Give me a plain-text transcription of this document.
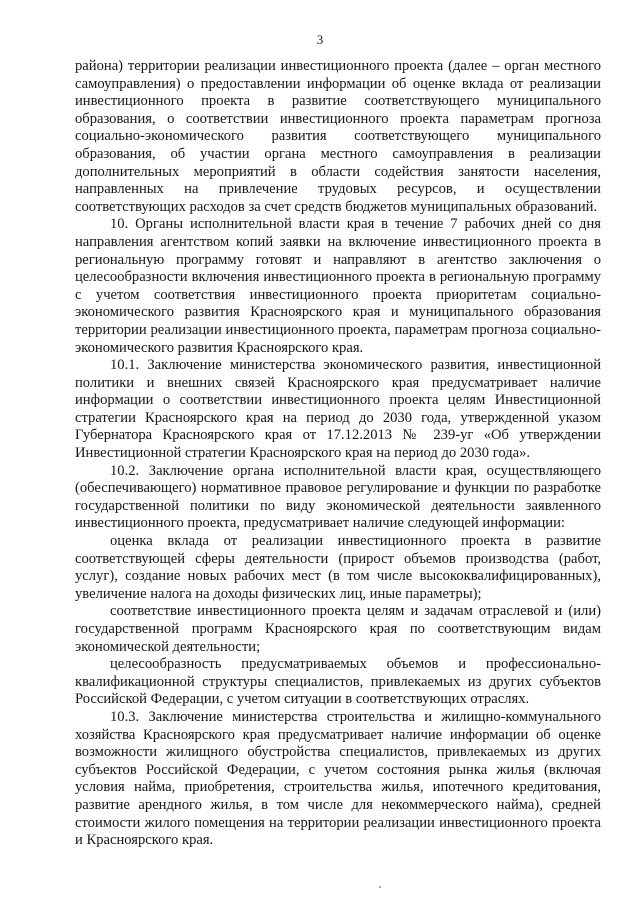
3

района) территории реализации инвестиционного проекта (далее – орган местного самоуправления) о предоставлении информации об оценке вклада от реализации инвестиционного проекта в развитие соответствующего муниципального образования, о соответствии инвестиционного проекта параметрам прогноза социально-экономического развития соответствующего муниципального образования, об участии органа местного самоуправления в реализации дополнительных мероприятий в области содействия занятости населения, направленных на привлечение трудовых ресурсов, и осуществлении соответствующих расходов за счет средств бюджетов муниципальных образований.

10. Органы исполнительной власти края в течение 7 рабочих дней со дня направления агентством копий заявки на включение инвестиционного проекта в региональную программу готовят и направляют в агентство заключения о целесообразности включения инвестиционного проекта в региональную программу с учетом соответствия инвестиционного проекта приоритетам социально-экономического развития Красноярского края и муниципального образования территории реализации инвестиционного проекта, параметрам прогноза социально-экономического развития Красноярского края.

10.1. Заключение министерства экономического развития, инвестиционной политики и внешних связей Красноярского края предусматривает наличие информации о соответствии инвестиционного проекта целям Инвестиционной стратегии Красноярского края на период до 2030 года, утвержденной указом Губернатора Красноярского края от 17.12.2013 № 239-уг «Об утверждении Инвестиционной стратегии Красноярского края на период до 2030 года».

10.2. Заключение органа исполнительной власти края, осуществляющего (обеспечивающего) нормативное правовое регулирование и функции по разработке государственной политики по виду экономической деятельности заявленного инвестиционного проекта, предусматривает наличие следующей информации:

оценка вклада от реализации инвестиционного проекта в развитие соответствующей сферы деятельности (прирост объемов производства (работ, услуг), создание новых рабочих мест (в том числе высококвалифицированных), увеличение налога на доходы физических лиц, иные параметры);

соответствие инвестиционного проекта целям и задачам отраслевой и (или) государственной программ Красноярского края по соответствующим видам экономической деятельности;

целесообразность предусматриваемых объемов и профессионально-квалификационной структуры специалистов, привлекаемых из других субъектов Российской Федерации, с учетом ситуации в соответствующих отраслях.

10.3. Заключение министерства строительства и жилищно-коммунального хозяйства Красноярского края предусматривает наличие информации об оценке возможности жилищного обустройства специалистов, привлекаемых из других субъектов Российской Федерации, с учетом состояния рынка жилья (включая условия найма, приобретения, строительства жилья, ипотечного кредитования, развитие арендного жилья, в том числе для некоммерческого найма), средней стоимости жилого помещения на территории реализации инвестиционного проекта и Красноярского края.
